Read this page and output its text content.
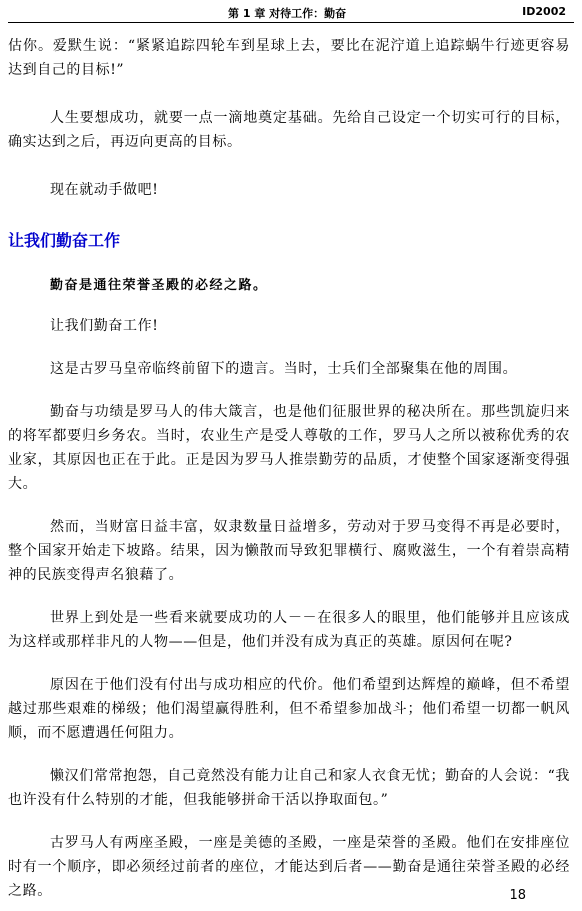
第 1 章 对待工作：勤奋	ID2002

估你。爱默生说：“紧紧追踪四轮车到星球上去，要比在泥泞道上追踪蜗牛行迹更容易达到自己的目标!”

人生要想成功，就要一点一滴地奠定基础。先给自己设定一个切实可行的目标，确实达到之后，再迈向更高的目标。

现在就动手做吧!

让我们勤奋工作
勤奋是通往荣誉圣殿的必经之路。

让我们勤奋工作!

这是古罗马皇帝临终前留下的遗言。当时，士兵们全部聚集在他的周围。

勤奋与功绩是罗马人的伟大箴言，也是他们征服世界的秘决所在。那些凯旋归来的将军都要归乡务农。当时，农业生产是受人尊敬的工作，罗马人之所以被称优秀的农业家，其原因也正在于此。正是因为罗马人推崇勤劳的品质，才使整个国家逐渐变得强大。

然而，当财富日益丰富，奴隶数量日益增多，劳动对于罗马变得不再是必要时，整个国家开始走下坡路。结果，因为懒散而导致犯罪横行、腐败滋生，一个有着崇高精神的民族变得声名狼藉了。

世界上到处是一些看来就要成功的人－－在很多人的眼里，他们能够并且应该成为这样或那样非凡的人物——但是，他们并没有成为真正的英雄。原因何在呢?

原因在于他们没有付出与成功相应的代价。他们希望到达辉煌的巅峰，但不希望越过那些艰难的梯级；他们渴望赢得胜利，但不希望参加战斗；他们希望一切都一帆风顺，而不愿遭遇任何阻力。

懒汉们常常抱怨，自己竟然没有能力让自己和家人衣食无忧；勤奋的人会说：“我也许没有什么特别的才能，但我能够拼命干活以挣取面包。”

古罗马人有两座圣殿，一座是美德的圣殿，一座是荣誉的圣殿。他们在安排座位时有一个顺序，即必须经过前者的座位，才能达到后者——勤奋是通往荣誉圣殿的必经之路。	18
